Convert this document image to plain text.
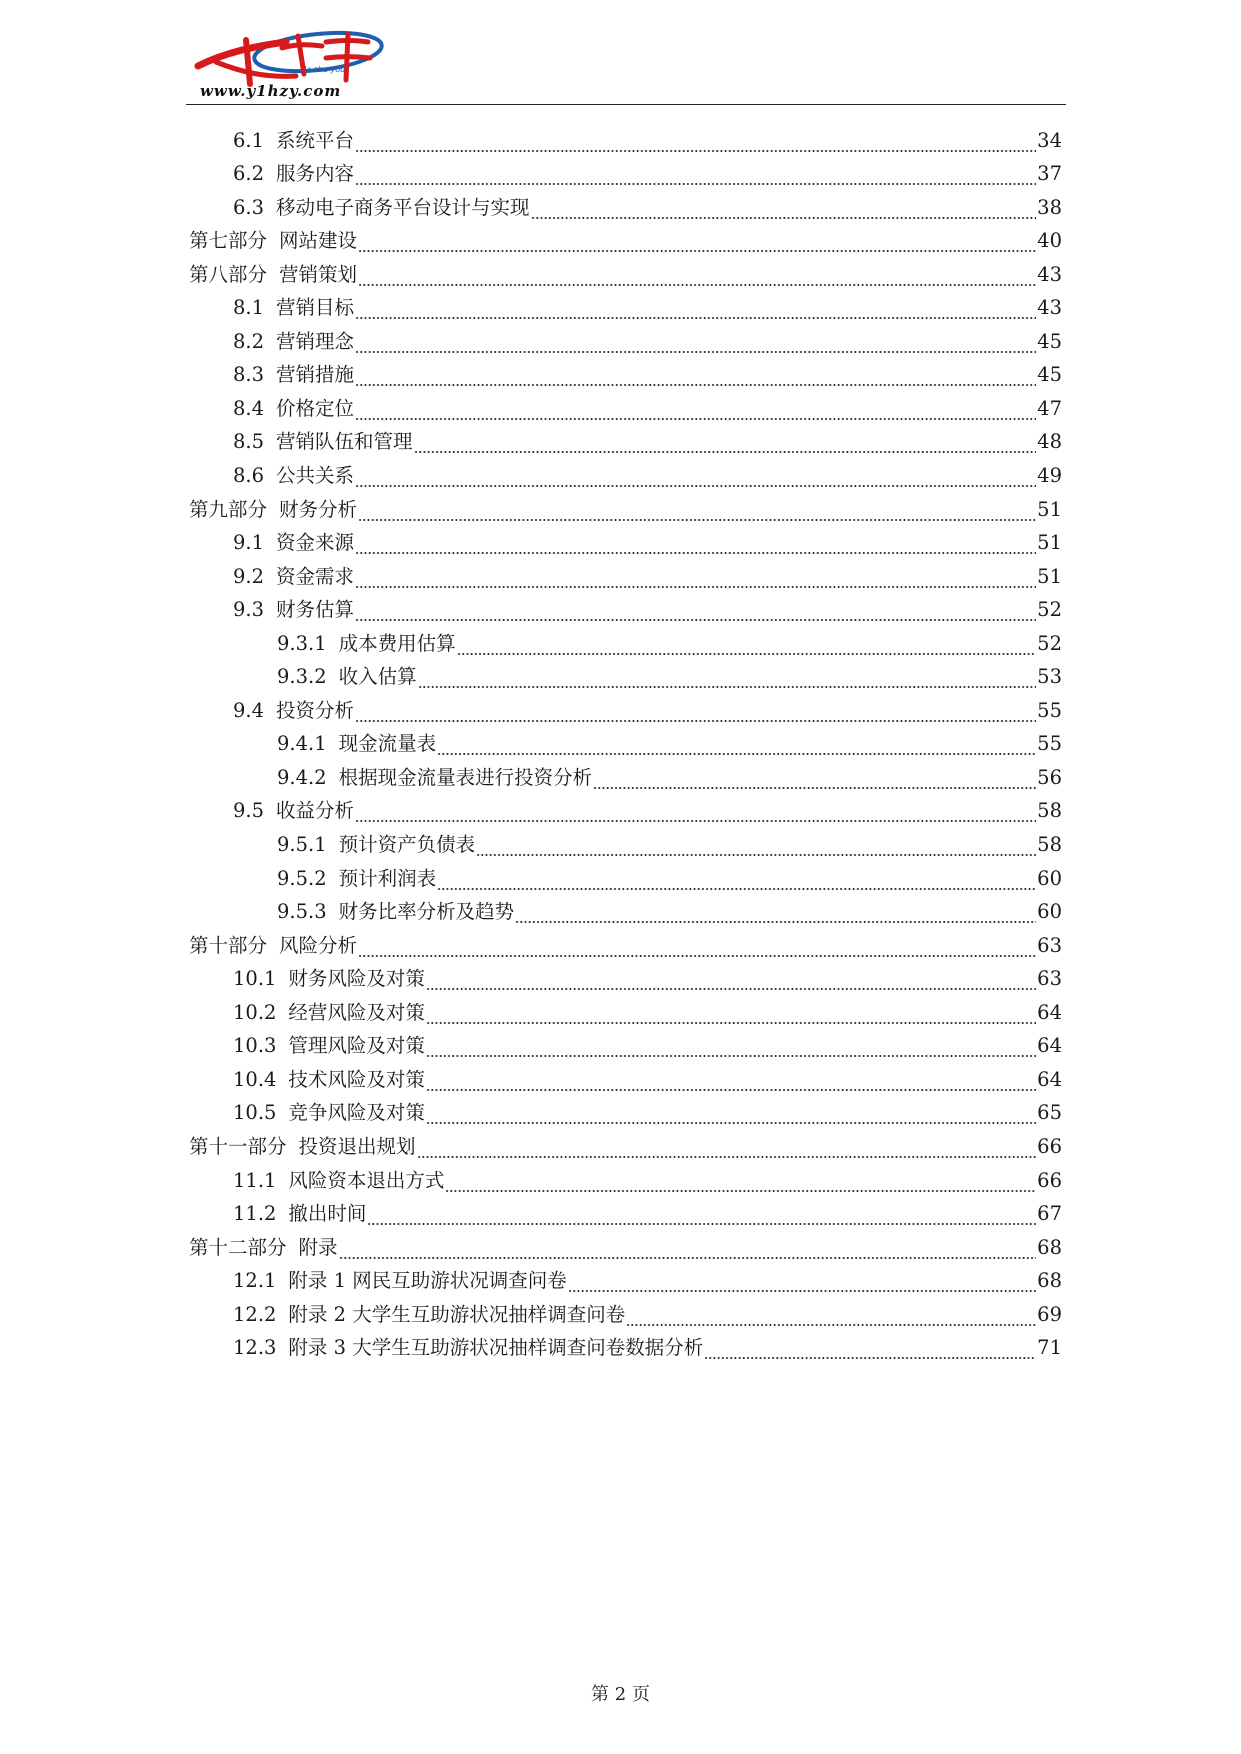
la zhu you
www.y1hzy.com
6.1 系统平台	34
6.2 服务内容	37
6.3 移动电子商务平台设计与实现	38
第七部分 网站建设	40
第八部分 营销策划	43
8.1 营销目标	43
8.2 营销理念	45
8.3 营销措施	45
8.4 价格定位	47
8.5 营销队伍和管理	48
8.6 公共关系	49
第九部分 财务分析	51
9.1 资金来源	51
9.2 资金需求	51
9.3 财务估算	52
9.3.1 成本费用估算	52
9.3.2 收入估算	53
9.4 投资分析	55
9.4.1 现金流量表	55
9.4.2 根据现金流量表进行投资分析	56
9.5 收益分析	58
9.5.1 预计资产负债表	58
9.5.2 预计利润表	60
9.5.3 财务比率分析及趋势	60
第十部分 风险分析	63
10.1 财务风险及对策	63
10.2 经营风险及对策	64
10.3 管理风险及对策	64
10.4 技术风险及对策	64
10.5 竞争风险及对策	65
第十一部分 投资退出规划	66
11.1 风险资本退出方式	66
11.2 撤出时间	67
第十二部分 附录	68
12.1 附录 1 网民互助游状况调查问卷	68
12.2 附录 2 大学生互助游状况抽样调查问卷	69
12.3 附录 3 大学生互助游状况抽样调查问卷数据分析	71
第 2 页
